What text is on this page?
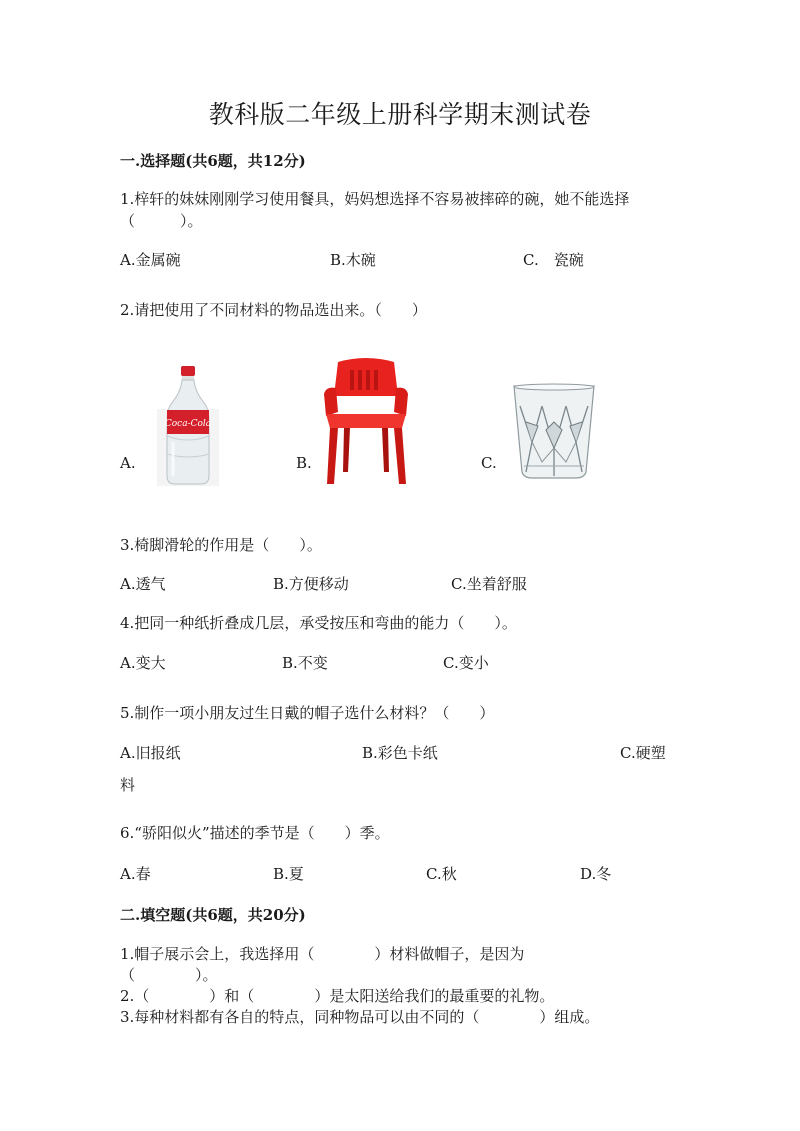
教科版二年级上册科学期末测试卷
一.选择题(共6题，共12分)
1.梓轩的妹妹刚刚学习使用餐具，妈妈想选择不容易被摔碎的碗，她不能选择
（　　　）。
A.金属碗	B.木碗	C.　瓷碗
2.请把使用了不同材料的物品选出来。（　　）
A.
Coca-Cola
B.	C.
3.椅脚滑轮的作用是（　　）。
A.透气	B.方便移动	C.坐着舒服
4.把同一种纸折叠成几层，承受按压和弯曲的能力（　　）。
A.变大	B.不变	C.变小
5.制作一项小朋友过生日戴的帽子选什么材料？（　　）
A.旧报纸	B.彩色卡纸	C.硬塑
料
6.“骄阳似火”描述的季节是（　　）季。
A.春	B.夏	C.秋	D.冬
二.填空题(共6题，共20分)
1.帽子展示会上，我选择用（　　　　）材料做帽子，是因为
（　　　　）。
2.（　　　　）和（　　　　）是太阳送给我们的最重要的礼物。
3.每种材料都有各自的特点，同种物品可以由不同的（　　　　）组成。
